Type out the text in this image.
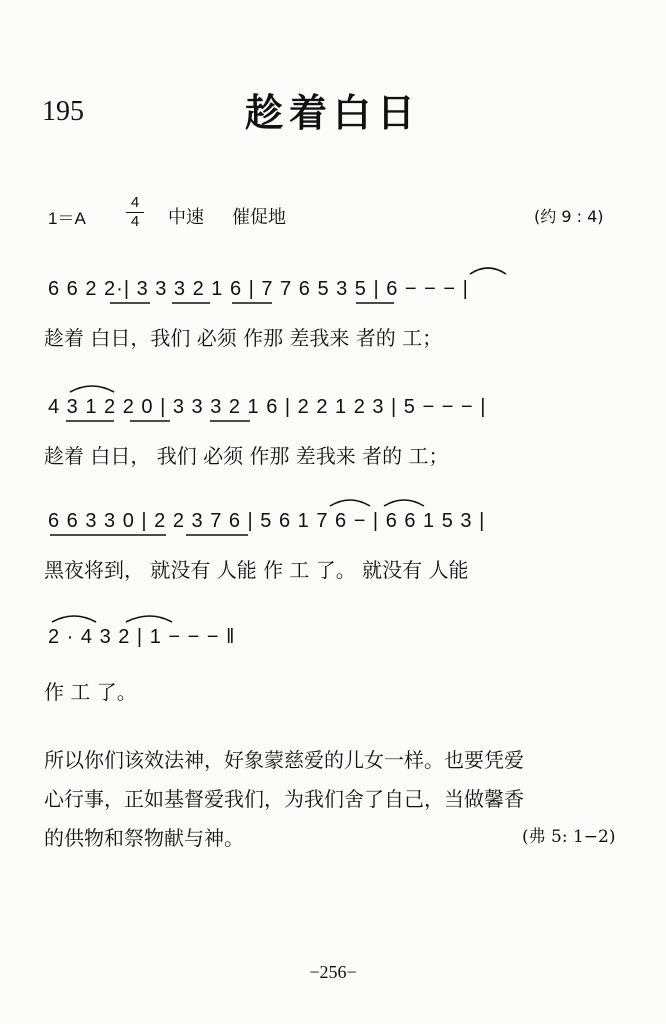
195	趁着白日
1＝A
4
4 中速 催促地	(约 9 : 4)
6 6 2 2·| 3 3 3 2 1 6 | 7 7 6 5 3 5 | 6 − − − |
趁着 白日，我们 必须 作那 差我来 者的 工；
4 3 1 2 2 0 | 3 3 3 2 1 6 | 2 2 1 2 3 | 5 − − − |
趁着 白日， 我们 必须 作那 差我来 者的 工；
6 6 3 3 0 | 2 2 3 7 6 | 5 6 1 7 6 − | 6 6 1 5 3 |
黑夜将到， 就没有 人能 作 工 了。 就没有 人能
2 · 4 3 2 | 1 − − − ‖
作 工 了。
所以你们该效法神，好象蒙慈爱的儿女一样。也要凭爱
心行事，正如基督爱我们，为我们舍了自己，当做馨香
的供物和祭物献与神。	(弗 5: 1−2)
−256−
